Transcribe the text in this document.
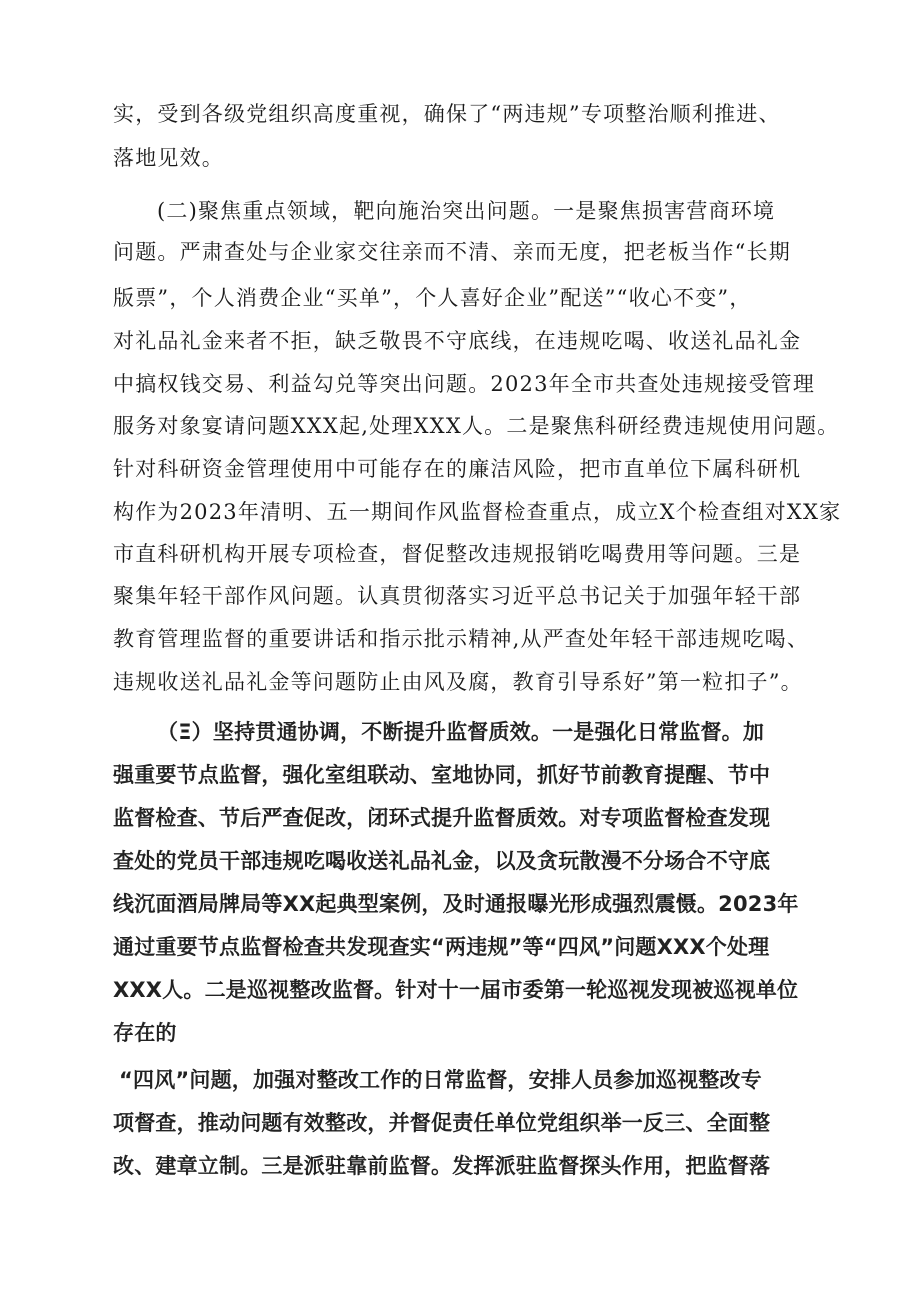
实，受到各级党组织高度重视，确保了“两违规”专项整治顺利推进、
落地见效。
(二)聚焦重点领域，靶向施治突出问题。一是聚焦损害营商环境
问题。严肃查处与企业家交往亲而不清、亲而无度，把老板当作“长期
版票”，个人消费企业“买单”，个人喜好企业”配送”“收心不变”，
对礼品礼金来者不拒，缺乏敬畏不守底线，在违规吃喝、收送礼品礼金
中搞权钱交易、利益勾兑等突出问题。2023年全市共查处违规接受管理
服务对象宴请问题XXX起,处理XXX人。二是聚焦科研经费违规使用问题。
针对科研资金管理使用中可能存在的廉洁风险，把市直单位下属科研机
构作为2023年清明、五一期间作风监督检查重点，成立X个检查组对XX家
市直科研机构开展专项检查，督促整改违规报销吃喝费用等问题。三是
聚集年轻干部作风问题。认真贯彻落实习近平总书记关于加强年轻干部
教育管理监督的重要讲话和指示批示精神,从严查处年轻干部违规吃喝、
违规收送礼品礼金等问题防止由风及腐，教育引导系好”第一粒扣子”。
（Ξ）坚持贯通协调，不断提升监督质效。一是强化日常监督。加
强重要节点监督，强化室组联动、室地协同，抓好节前教育提醒、节中
监督检查、节后严查促改，闭环式提升监督质效。对专项监督检查发现
查处的党员干部违规吃喝收送礼品礼金，以及贪玩散漫不分场合不守底
线沉面酒局牌局等XX起典型案例，及时通报曝光形成强烈震慑。2023年
通过重要节点监督检查共发现查实“两违规”等“四风”问题XXX个处理
XXX人。二是巡视整改监督。针对十一届市委第一轮巡视发现被巡视单位
存在的
“四风”问题，加强对整改工作的日常监督，安排人员参加巡视整改专
项督查，推动问题有效整改，并督促责任单位党组织举一反三、全面整
改、建章立制。三是派驻靠前监督。发挥派驻监督探头作用，把监督落
